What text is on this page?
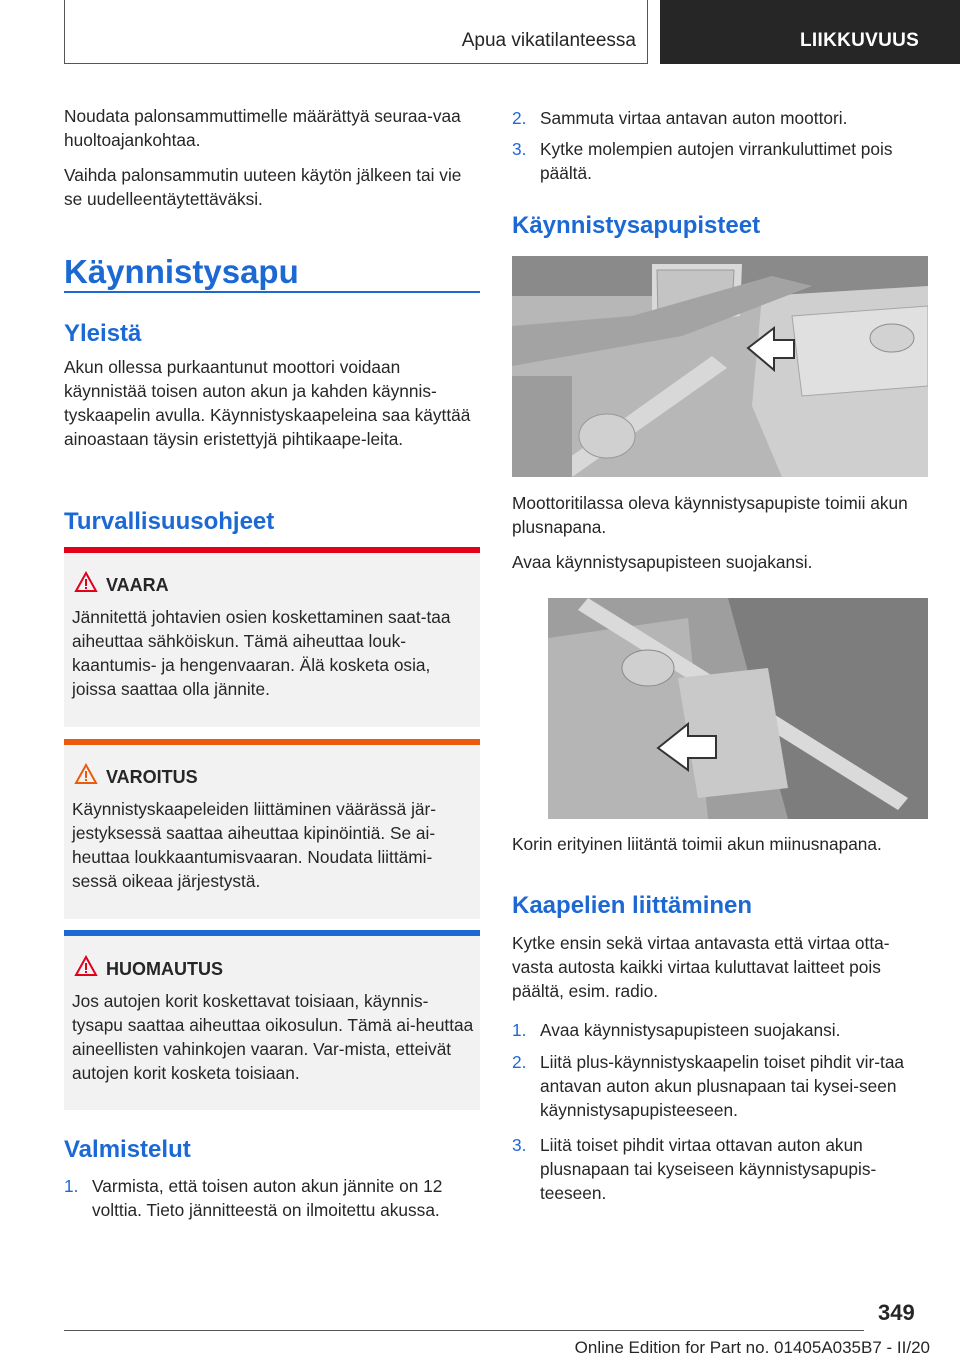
Apua vikatilanteessa	LIIKKUVUUS

Noudata palonsammuttimelle määrättyä seuraa-vaa huoltoajankohtaa.

Vaihda palonsammutin uuteen käytön jälkeen tai vie se uudelleentäytettäväksi.

Käynnistysapu
Yleistä

Akun ollessa purkaantunut moottori voidaan käynnistää toisen auton akun ja kahden käynnis-tyskaapelin avulla. Käynnistyskaapeleina saa käyttää ainoastaan täysin eristettyjä pihtikaape-leita.

Turvallisuusohjeet
VAARA
Jännitettä johtavien osien koskettaminen saat-taa aiheuttaa sähköiskun. Tämä aiheuttaa louk-kaantumis- ja hengenvaaran. Älä kosketa osia, joissa saattaa olla jännite.
VAROITUS
Käynnistyskaapeleiden liittäminen väärässä jär-jestyksessä saattaa aiheuttaa kipinöintiä. Se ai-heuttaa loukkaantumisvaaran. Noudata liittämi-sessä oikeaa järjestystä.
HUOMAUTUS
Jos autojen korit koskettavat toisiaan, käynnis-tysapu saattaa aiheuttaa oikosulun. Tämä ai-heuttaa aineellisten vahinkojen vaaran. Var-mista, etteivät autojen korit kosketa toisiaan.
Valmistelut
1. Varmista, että toisen auton akun jännite on 12 volttia. Tieto jännitteestä on ilmoitettu akussa.
2. Sammuta virtaa antavan auton moottori.
3. Kytke molempien autojen virrankuluttimet pois päältä.
Käynnistysapupisteet

Moottoritilassa oleva käynnistysapupiste toimii akun plusnapana.

Avaa käynnistysapupisteen suojakansi.

Korin erityinen liitäntä toimii akun miinusnapana.

Kaapelien liittäminen

Kytke ensin sekä virtaa antavasta että virtaa otta-vasta autosta kaikki virtaa kuluttavat laitteet pois päältä, esim. radio.

1. Avaa käynnistysapupisteen suojakansi.
2. Liitä plus-käynnistyskaapelin toiset pihdit vir-taa antavan auton akun plusnapaan tai kysei-seen käynnistysapupisteeseen.
3. Liitä toiset pihdit virtaa ottavan auton akun plusnapaan tai kyseiseen käynnistysapupis-teeseen.
349
Online Edition for Part no. 01405A035B7 - II/20
